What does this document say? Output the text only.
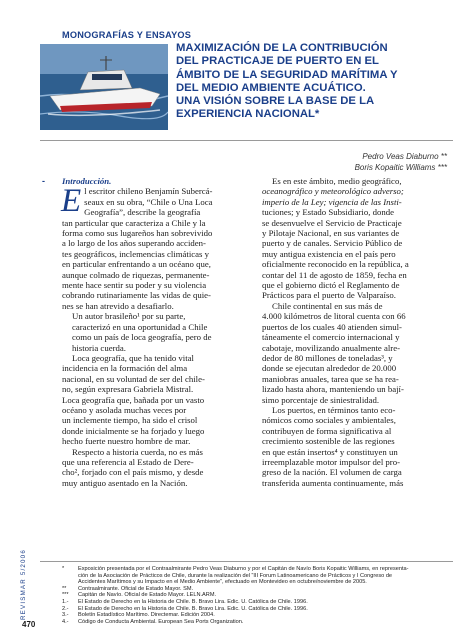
MONOGRAFÍAS Y ENSAYOS
MAXIMIZACIÓN DE LA CONTRIBUCIÓN
DEL PRACTICAJE DE PUERTO EN EL
ÁMBITO DE LA SEGURIDAD MARÍTIMA Y
DEL MEDIO AMBIENTE ACUÁTICO.
UNA VISIÓN SOBRE LA BASE DE LA
EXPERIENCIA NACIONAL*
Pedro Veas Diaburno **
Boris Kopaitic Williams ***
REVISMAR 5/2006
- Introducción.

E l escritor chileno Benjamín Subercá-
seaux en su obra, “Chile o Una Loca
Geografía”, describe la geografía
tan particular que caracteriza a Chile y la
forma como sus lugareños han sobrevivido
a lo largo de los años superando acciden-
tes geográficos, inclemencias climáticas y
en particular enfrentando a un océano que,
aunque colmado de riquezas, permanente-
mente hace sentir su poder y su violencia
cobrando rutinariamente las vidas de quie-
nes se han atrevido a desafiarlo.

Un autor brasileño¹ por su parte,
caracterizó en una oportunidad a Chile
como un país de loca geografía, pero de
historia cuerda.

Loca geografía, que ha tenido vital
incidencia en la formación del alma
nacional, en su voluntad de ser del chile-
no, según expresara Gabriela Mistral.
Loca geografía que, bañada por un vasto
océano y asolada muchas veces por
un inclemente tiempo, ha sido el crisol
donde inicialmente se ha forjado y luego
hecho fuerte nuestro hombre de mar.

Respecto a historia cuerda, no es más
que una referencia al Estado de Dere-
cho², forjado con el país mismo, y desde
muy antiguo asentado en la Nación.

Es en este ámbito, medio geográfico,
oceanográfico y meteorológico adverso;
imperio de la Ley; vigencia de las Insti-
tuciones; y Estado Subsidiario, donde
se desenvuelve el Servicio de Practicaje
y Pilotaje Nacional, en sus variantes de
puerto y de canales. Servicio Público de
muy antigua existencia en el país pero
oficialmente reconocido en la república, a
contar del 11 de agosto de 1859, fecha en
que el gobierno dictó el Reglamento de
Prácticos para el puerto de Valparaíso.

Chile continental en sus más de
4.000 kilómetros de litoral cuenta con 66
puertos de los cuales 40 atienden simul-
táneamente el comercio internacional y
cabotaje, movilizando anualmente alre-
dedor de 80 millones de toneladas³, y
donde se ejecutan alrededor de 20.000
maniobras anuales, tarea que se ha rea-
lizado hasta ahora, manteniendo un bají-
simo porcentaje de siniestralidad.

Los puertos, en términos tanto eco-
nómicos como sociales y ambientales,
contribuyen de forma significativa al
crecimiento sostenible de las regiones
en que están insertos⁴ y constituyen un
irreemplazable motor impulsor del pro-
greso de la nación. El volumen de carga
transferida aumenta continuamente, más

*	Exposición presentada por el Contraalmirante Pedro Veas Diaburno y por el Capitán de Navío Boris Kopaitic Williams, en representa-
ción de la Asociación de Prácticos de Chile, durante la realización del “III Forum Latinoamericano de Prácticos y I Congreso de
Accidentes Marítimos y su Impacto en el Medio Ambiente”, efectuado en Montevideo en octubre/noviembre de 2005.
**	Contraalmirante. Oficial de Estado Mayor. SM.
***	Capitán de Navío. Oficial de Estado Mayor. LELN.ARM.
1.-	El Estado de Derecho en la Historia de Chile. B. Bravo Lira. Edic. U. Católica de Chile. 1996.
2.-	El Estado de Derecho en la Historia de Chile. B. Bravo Lira. Edic. U. Católica de Chile. 1996.
3.-	Boletín Estadístico Marítimo. Directemar. Edición 2004.
4.-	Código de Conducta Ambiental. European Sea Ports Organization.
470
